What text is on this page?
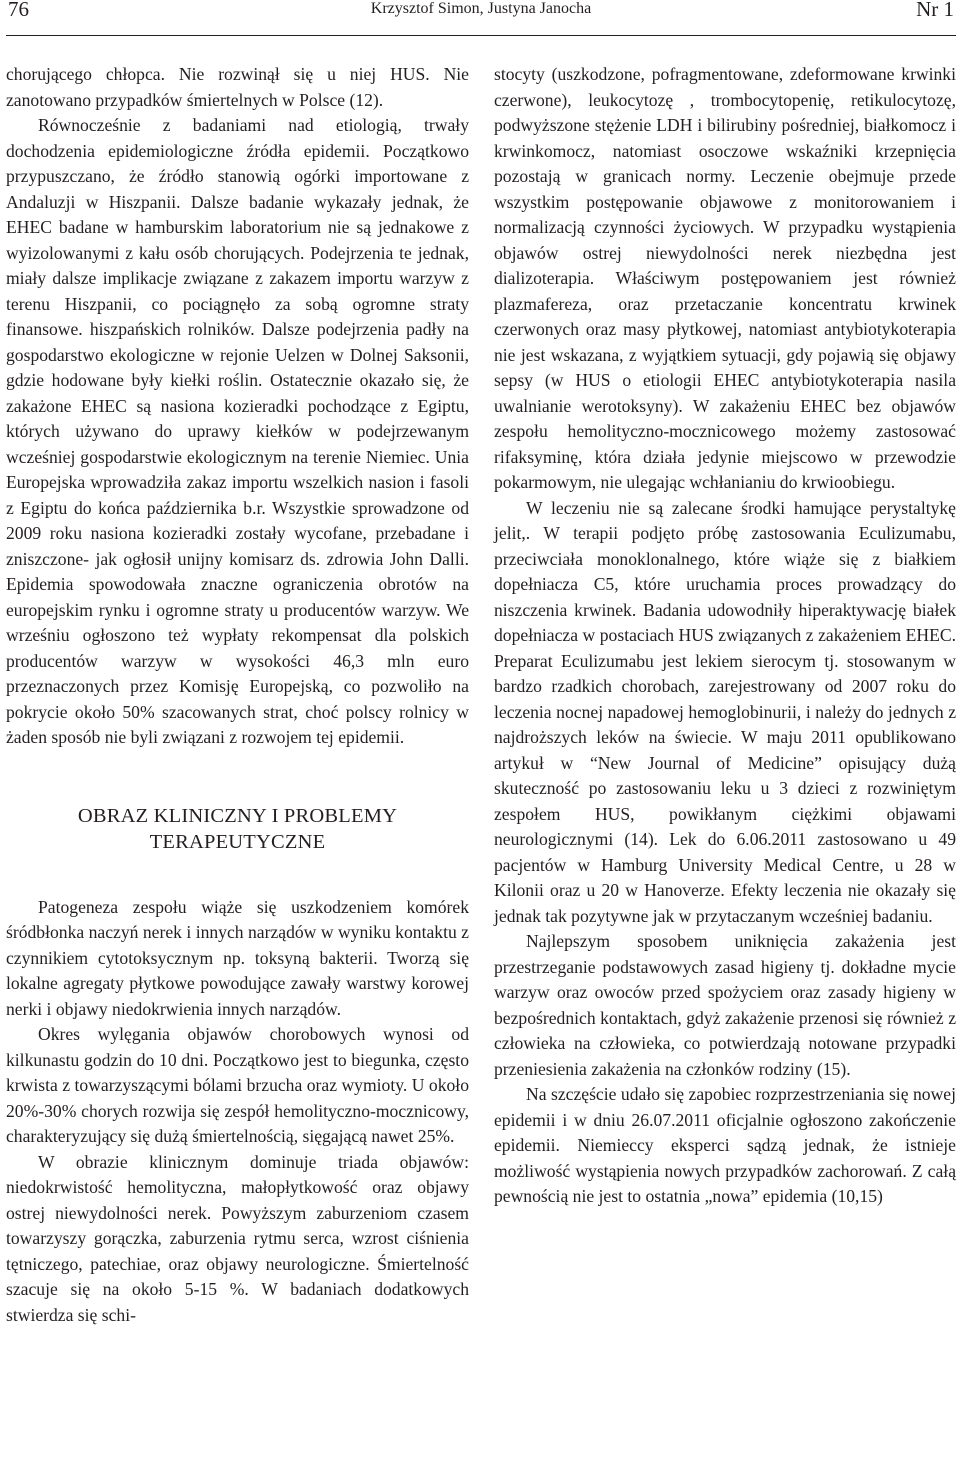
76	Krzysztof Simon, Justyna Janocha	Nr 1

chorującego chłopca. Nie rozwinął się u niej HUS. Nie zanotowano przypadków śmiertelnych w Polsce (12).

Równocześnie z badaniami nad etiologią, trwały dochodzenia epidemiologiczne źródła epidemii. Początkowo przypuszczano, że źródło stanowią ogórki importowane z Andaluzji w Hiszpanii. Dalsze badanie wykazały jednak, że EHEC badane w hamburskim laboratorium nie są jednakowe z wyizolowanymi z kału osób chorujących. Podejrzenia te jednak, miały dalsze implikacje związane z zakazem importu warzyw z terenu Hiszpanii, co pociągnęło za sobą ogromne straty finansowe. hiszpańskich rolników. Dalsze podejrzenia padły na gospodarstwo ekologiczne w rejonie Uelzen w Dolnej Saksonii, gdzie hodowane były kiełki roślin. Ostatecznie okazało się, że zakażone EHEC są nasiona kozieradki pochodzące z Egiptu, których używano do uprawy kiełków w podejrzewanym wcześniej gospodarstwie ekologicznym na terenie Niemiec. Unia Europejska wprowadziła zakaz importu wszelkich nasion i fasoli z Egiptu do końca października b.r. Wszystkie sprowadzone od 2009 roku nasiona kozieradki zostały wycofane, przebadane i zniszczone- jak ogłosił unijny komisarz ds. zdrowia John Dalli. Epidemia spowodowała znaczne ograniczenia obrotów na europejskim rynku i ogromne straty u producentów warzyw. We wrześniu ogłoszono też wypłaty rekompensat dla polskich producentów warzyw w wysokości 46,3 mln euro przeznaczonych przez Komisję Europejską, co pozwoliło na pokrycie około 50% szacowanych strat, choć polscy rolnicy w żaden sposób nie byli związani z rozwojem tej epidemii.

OBRAZ KLINICZNY I PROBLEMY
TERAPEUTYCZNE

Patogeneza zespołu wiąże się uszkodzeniem komórek śródbłonka naczyń nerek i innych narządów w wyniku kontaktu z czynnikiem cytotoksycznym np. toksyną bakterii. Tworzą się lokalne agregaty płytkowe powodujące zawały warstwy korowej nerki i objawy niedokrwienia innych narządów.

Okres wylęgania objawów chorobowych wynosi od kilkunastu godzin do 10 dni. Początkowo jest to biegunka, często krwista z towarzyszącymi bólami brzucha oraz wymioty. U około 20%-30% chorych rozwija się zespół hemolityczno-mocznicowy, charakteryzujący się dużą śmiertelnością, sięgającą nawet 25%.

W obrazie klinicznym dominuje triada objawów: niedokrwistość hemolityczna, małopłytkowość oraz objawy ostrej niewydolności nerek. Powyższym zaburzeniom czasem towarzyszy gorączka, zaburzenia rytmu serca, wzrost ciśnienia tętniczego, patechiae, oraz objawy neurologiczne. Śmiertelność szacuje się na około 5-15 %. W badaniach dodatkowych stwierdza się schi-

stocyty (uszkodzone, pofragmentowane, zdeformowane krwinki czerwone), leukocytozę , trombocytopenię, retikulocytozę, podwyższone stężenie LDH i bilirubiny pośredniej, białkomocz i krwinkomocz, natomiast osoczowe wskaźniki krzepnięcia pozostają w granicach normy. Leczenie obejmuje przede wszystkim postępowanie objawowe z monitorowaniem i normalizacją czynności życiowych. W przypadku wystąpienia objawów ostrej niewydolności nerek niezbędna jest dializoterapia. Właściwym postępowaniem jest również plazmafereza, oraz przetaczanie koncentratu krwinek czerwonych oraz masy płytkowej, natomiast antybiotykoterapia nie jest wskazana, z wyjątkiem sytuacji, gdy pojawią się objawy sepsy (w HUS o etiologii EHEC antybiotykoterapia nasila uwalnianie werotoksyny). W zakażeniu EHEC bez objawów zespołu hemolityczno-mocznicowego możemy zastosować rifaksyminę, która działa jedynie miejscowo w przewodzie pokarmowym, nie ulegając wchłanianiu do krwioobiegu.

W leczeniu nie są zalecane środki hamujące perystaltykę jelit,. W terapii podjęto próbę zastosowania Eculizumabu, przeciwciała monoklonalnego, które wiąże się z białkiem dopełniacza C5, które uruchamia proces prowadzący do niszczenia krwinek. Badania udowodniły hiperaktywację białek dopełniacza w postaciach HUS związanych z zakażeniem EHEC. Preparat Eculizumabu jest lekiem sierocym tj. stosowanym w bardzo rzadkich chorobach, zarejestrowany od 2007 roku do leczenia nocnej napadowej hemoglobinurii, i należy do jednych z najdroższych leków na świecie. W maju 2011 opublikowano artykuł w “New Journal of Medicine” opisujący dużą skuteczność po zastosowaniu leku u 3 dzieci z rozwiniętym zespołem HUS, powikłanym ciężkimi objawami neurologicznymi (14). Lek do 6.06.2011 zastosowano u 49 pacjentów w Hamburg University Medical Centre, u 28 w Kilonii oraz u 20 w Hanoverze. Efekty leczenia nie okazały się jednak tak pozytywne jak w przytaczanym wcześniej badaniu.

Najlepszym sposobem uniknięcia zakażenia jest przestrzeganie podstawowych zasad higieny tj. dokładne mycie warzyw oraz owoców przed spożyciem oraz zasady higieny w bezpośrednich kontaktach, gdyż zakażenie przenosi się również z człowieka na człowieka, co potwierdzają notowane przypadki przeniesienia zakażenia na członków rodziny (15).

Na szczęście udało się zapobiec rozprzestrzeniania się nowej epidemii i w dniu 26.07.2011 oficjalnie ogłoszono zakończenie epidemii. Niemieccy eksperci sądzą jednak, że istnieje możliwość wystąpienia nowych przypadków zachorowań. Z całą pewnością nie jest to ostatnia „nowa” epidemia (10,15)
